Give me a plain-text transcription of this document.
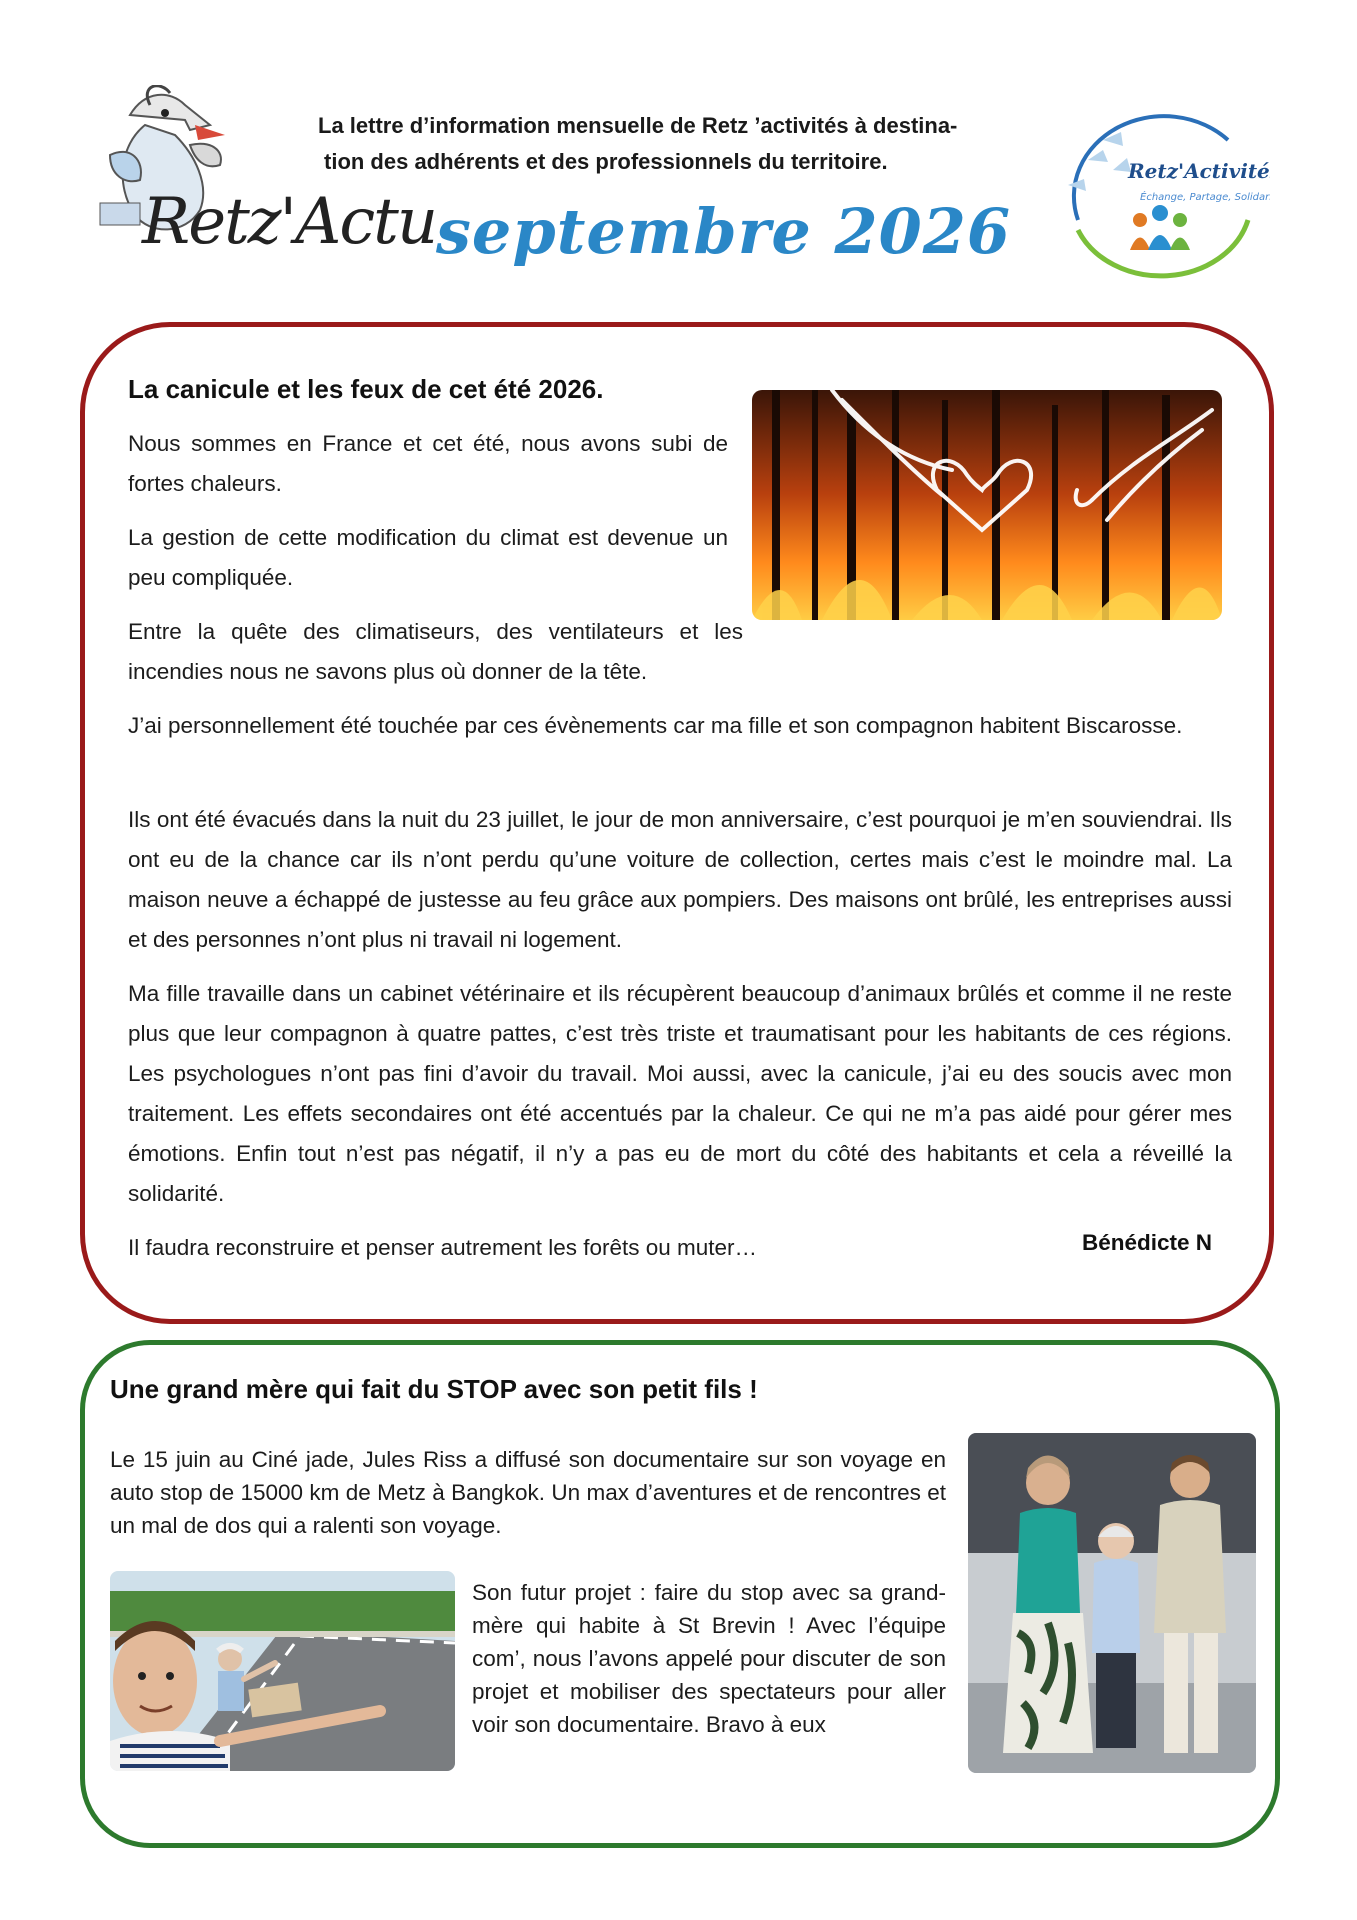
Retz'Actu
La lettre d’information mensuelle de Retz ’activités à destina-
tion des adhérents et des professionnels du territoire.
septembre 2026
Retz'Activités
Échange, Partage, Solidarité
La canicule et les feux de cet été 2026.

Nous sommes en France et cet été, nous avons subi de fortes chaleurs.

La gestion de cette modification du climat est devenue un peu compliquée.

Entre la quête des climatiseurs, des ventilateurs et les incendies nous ne savons plus où donner de la tête.

J’ai personnellement été touchée par ces évènements car ma fille et son compagnon habitent Biscarosse.

Ils ont été évacués dans la nuit du 23 juillet, le jour de mon anniversaire, c’est pourquoi je m’en souviendrai. Ils ont eu de la chance car ils n’ont perdu qu’une voiture de collection, certes mais c’est le moindre mal. La maison neuve a échappé de justesse au feu grâce aux pompiers. Des maisons ont brûlé, les entreprises aussi et des personnes n’ont plus ni travail ni logement.

Ma fille travaille dans un cabinet vétérinaire et ils récupèrent beaucoup d’animaux brûlés et comme il ne reste plus que leur compagnon à quatre pattes, c’est très triste et traumatisant pour les habitants de ces régions. Les psychologues n’ont pas fini d’avoir du travail. Moi aussi, avec la canicule, j’ai eu des soucis avec mon traitement. Les effets secondaires ont été accentués par la chaleur. Ce qui ne m’a pas aidé pour gérer mes émotions. Enfin tout n’est pas négatif, il n’y a pas eu de mort du côté des habitants et cela a réveillé la solidarité.

Il faudra reconstruire et penser autrement les forêts ou muter…	Bénédicte N
Une grand mère qui fait du STOP avec son petit fils !

Le 15 juin au Ciné jade, Jules Riss a diffusé son documentaire sur son voyage en auto stop de 15000 km de Metz à Bangkok. Un max d’aventures et de rencontres et un mal de dos qui a ralenti son voyage.

Son futur projet : faire du stop avec sa grand-mère qui habite à St Brevin ! Avec l’équipe com’, nous l’avons appelé pour discuter de son projet et mobiliser des spectateurs pour aller voir son documentaire. Bravo à eux
